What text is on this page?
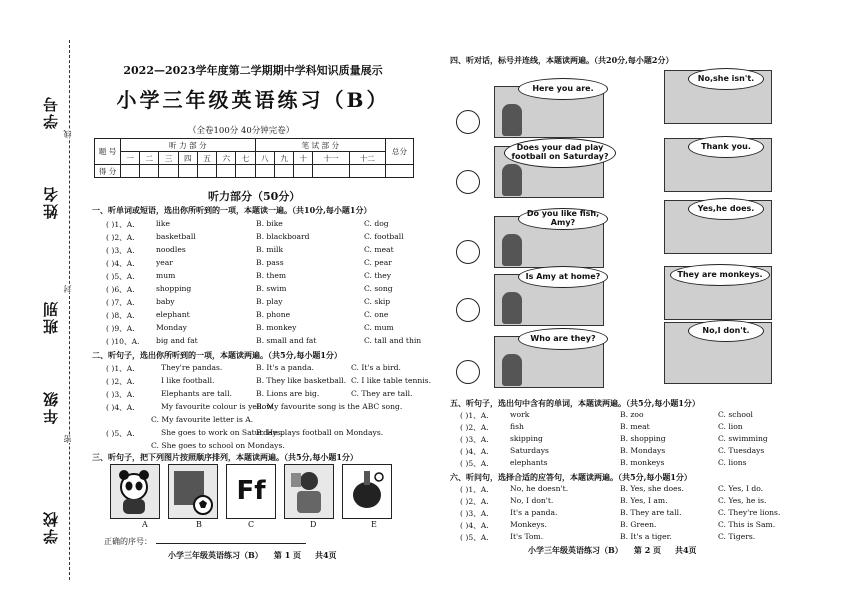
学号
姓名
班别
年级
学校
线
封
密
2022—2023学年度第二学期期中学科知识质量展示
小学三年级英语练习（B）
（全卷100分 40分钟完卷）
题 号	听 力 部 分							笔 试 部 分					总分
	一	二	三	四	五	六	七	八	九	十	十一	十二	
得 分													
听力部分（50分）
一、听单词或短语，选出你所听到的一项，本题读一遍。（共10分,每小题1分）
二、听句子，选出你所听到的一项，本题读两遍。（共5分,每小题1分）
三、听句子，把下列图片按照顺序排列，本题读两遍。（共5分,每小题1分）
Ff
A	B	C	D	E
正确的序号：
小学三年级英语练习（B） 第 1 页 共4页
( )1、A.	like	B. bike	C. dog
( )2、A.	basketball	B. blackboard	C. football
( )3、A.	noodles	B. milk	C. meat
( )4、A.	year	B. pass	C. pear
( )5、A.	mum	B. them	C. they
( )6、A.	shopping	B. swim	C. song
( )7、A.	baby	B. play	C. skip
( )8、A.	elephant	B. phone	C. one
( )9、A.	Monday	B. monkey	C. mum
( )10、A. big and fat	B. small and fat	C. tall and thin
( )1、A.	They're pandas.	B. It's a panda.	C. It's a bird.
( )2、A.	I like football.	B. They like basketball. C. I like table tennis.
( )3、A.	Elephants are tall.	B. Lions are big.	C. They are tall.
( )4、A.	My favourite colour is yellow.
B. My favourite song is the ABC song.
C. My favourite letter is A.
( )5、A.	She goes to work on Saturdays.
B. He plays football on Mondays.
C. She goes to school on Mondays.
四、听对话，标号并连线，本题读两遍。（共20分,每小题2分）
五、听句子，选出句中含有的单词，本题读两遍。（共5分,每小题1分）
六、听问句，选择合适的应答句，本题读两遍。（共5分,每小题1分）
小学三年级英语练习（B） 第 2 页 共4页
( )1、A.	work	B. zoo	C. school
( )2、A.	fish	B. meat	C. lion
( )3、A.	skipping	B. shopping	C. swimming
( )4、A.	Saturdays	B. Mondays	C. Tuesdays
( )5、A.	elephants	B. monkeys	C. lions
( )1、A.	No, he doesn't.	B. Yes, she does.	C. Yes, I do.
( )2、A.	No, I don't.	B. Yes, I am.	C. Yes, he is.
( )3、A.	It's a panda.	B. They are tall.	C. They're lions.
( )4、A.	Monkeys.	B. Green.	C. This is Sam.
( )5、A.	It's Tom.	B. It's a tiger.	C. Tigers.
Here you are.
Does your dad play football on Saturday?
Do you like fish, Amy?
Is Amy at home?
Who are they?
No,she isn't.
Thank you.
Yes,he does.
They are monkeys.
No,I don't.
